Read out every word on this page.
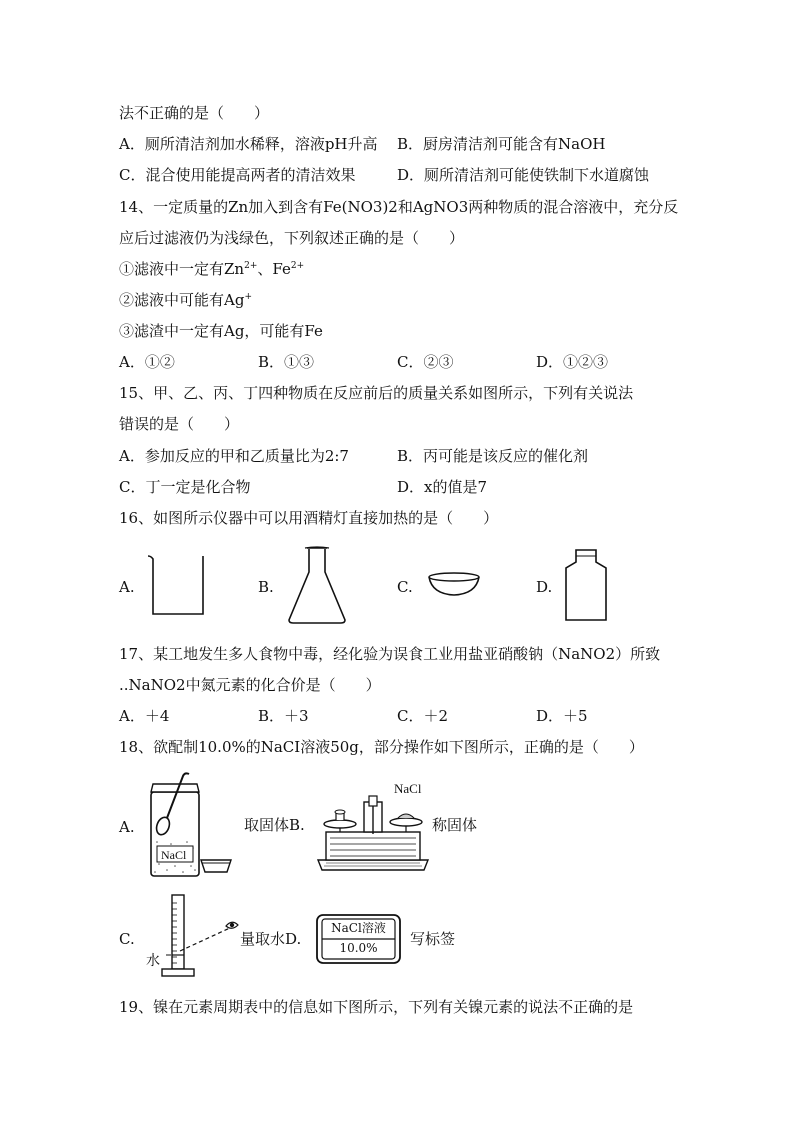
法不正确的是（　　）
A．厕所清洁剂加水稀释，溶液pH升高 B．厨房清洁剂可能含有NaOH
C．混合使用能提高两者的清洁效果	D．厕所清洁剂可能使铁制下水道腐蚀
14、一定质量的Zn加入到含有Fe(NO3)2和AgNO3两种物质的混合溶液中，充分反
应后过滤液仍为浅绿色，下列叙述正确的是（　　）
①滤液中一定有$Zn^{2+}$、$Fe^{2+}$
②滤液中可能有Ag+
③滤渣中一定有Ag，可能有Fe
A．①②	B．①③	C．②③	D．①②③
15、甲、乙、丙、丁四种物质在反应前后的质量关系如图所示，下列有关说法
错误的是（　　）
A．参加反应的甲和乙质量比为2:7	B．丙可能是该反应的催化剂
C．丁一定是化合物	D．x的值是7
16、如图所示仪器中可以用酒精灯直接加热的是（　　）
A.	B.	C.	D.
17、某工地发生多人食物中毒，经化验为误食工业用盐亚硝酸钠（NaNO2）所致
..NaNO2中氮元素的化合价是（　　）
A．＋4	B．＋3	C．＋2	D．＋5
18、欲配制10.0%的NaCI溶液50g，部分操作如下图所示，正确的是（　　）
A.
NaCl
取固体B.
NaCl
称固体
C.
水
量取水D.
NaCl溶液
10.0%	写标签
19、镍在元素周期表中的信息如下图所示，下列有关镍元素的说法不正确的是
